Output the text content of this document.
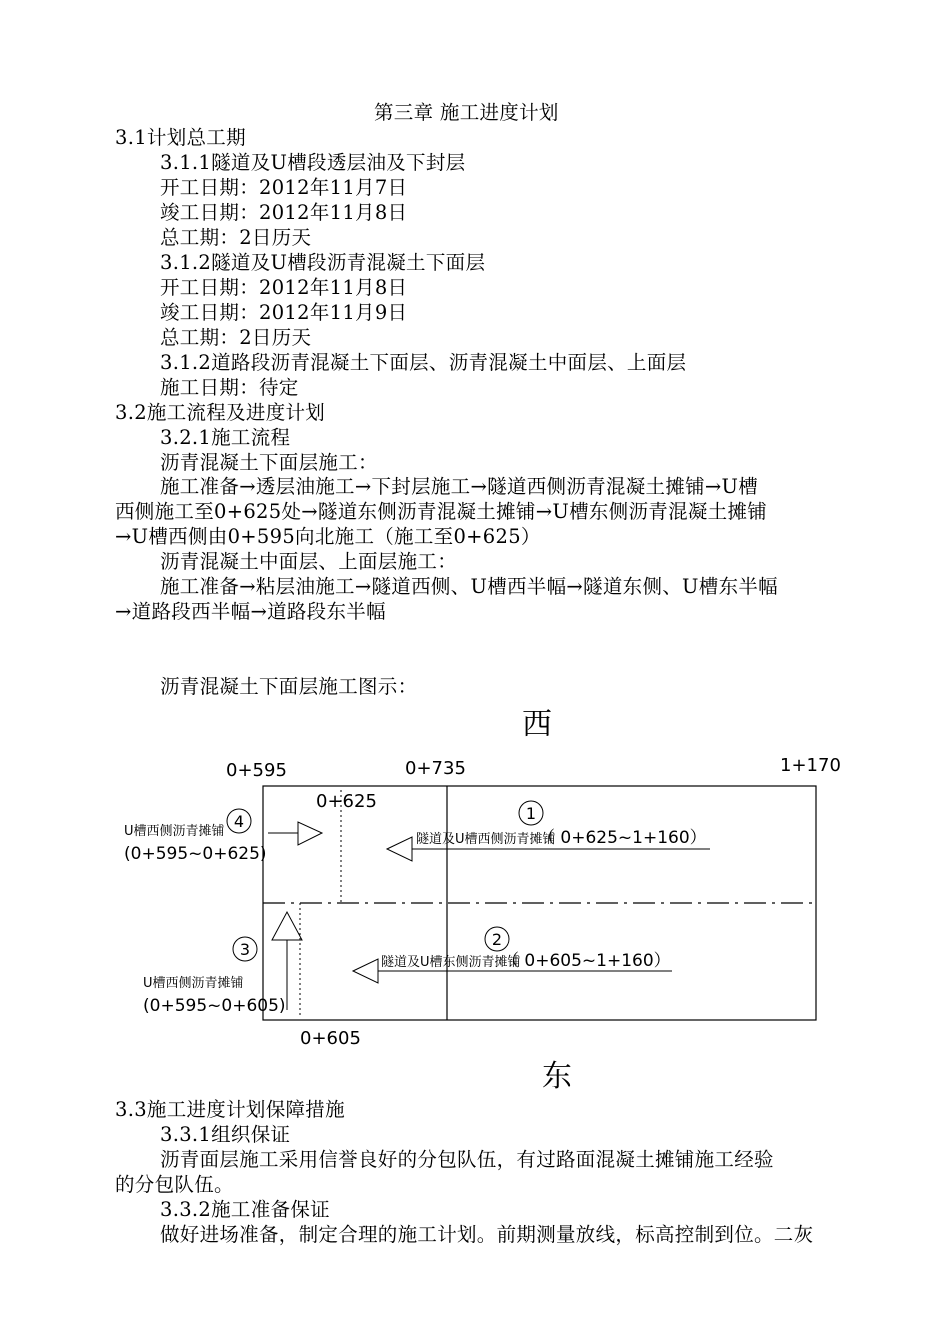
第三章 施工进度计划
3.1计划总工期
3.1.1隧道及U槽段透层油及下封层
开工日期：2012年11月7日
竣工日期：2012年11月8日
总工期：2日历天
3.1.2隧道及U槽段沥青混凝土下面层
开工日期：2012年11月8日
竣工日期：2012年11月9日
总工期：2日历天
3.1.2道路段沥青混凝土下面层、沥青混凝土中面层、上面层
施工日期：待定
3.2施工流程及进度计划
3.2.1施工流程
沥青混凝土下面层施工：
施工准备→透层油施工→下封层施工→隧道西侧沥青混凝土摊铺→U槽
西侧施工至0+625处→隧道东侧沥青混凝土摊铺→U槽东侧沥青混凝土摊铺
→U槽西侧由0+595向北施工（施工至0+625）
沥青混凝土中面层、上面层施工：
施工准备→粘层油施工→隧道西侧、U槽西半幅→隧道东侧、U槽东半幅
→道路段西半幅→道路段东半幅
沥青混凝土下面层施工图示：
西
东
0+595	0+735	1+170
0+625
0+605
4
U槽西侧沥青摊铺
(0+595~0+625)
1
隧道及U槽西侧沥青摊铺
（ 0+625~1+160）
3
U槽西侧沥青摊铺
(0+595~0+605)
2
隧道及U槽东侧沥青摊铺
（ 0+605~1+160）
3.3施工进度计划保障措施
3.3.1组织保证
沥青面层施工采用信誉良好的分包队伍，有过路面混凝土摊铺施工经验
的分包队伍。
3.3.2施工准备保证
做好进场准备，制定合理的施工计划。前期测量放线，标高控制到位。二灰
